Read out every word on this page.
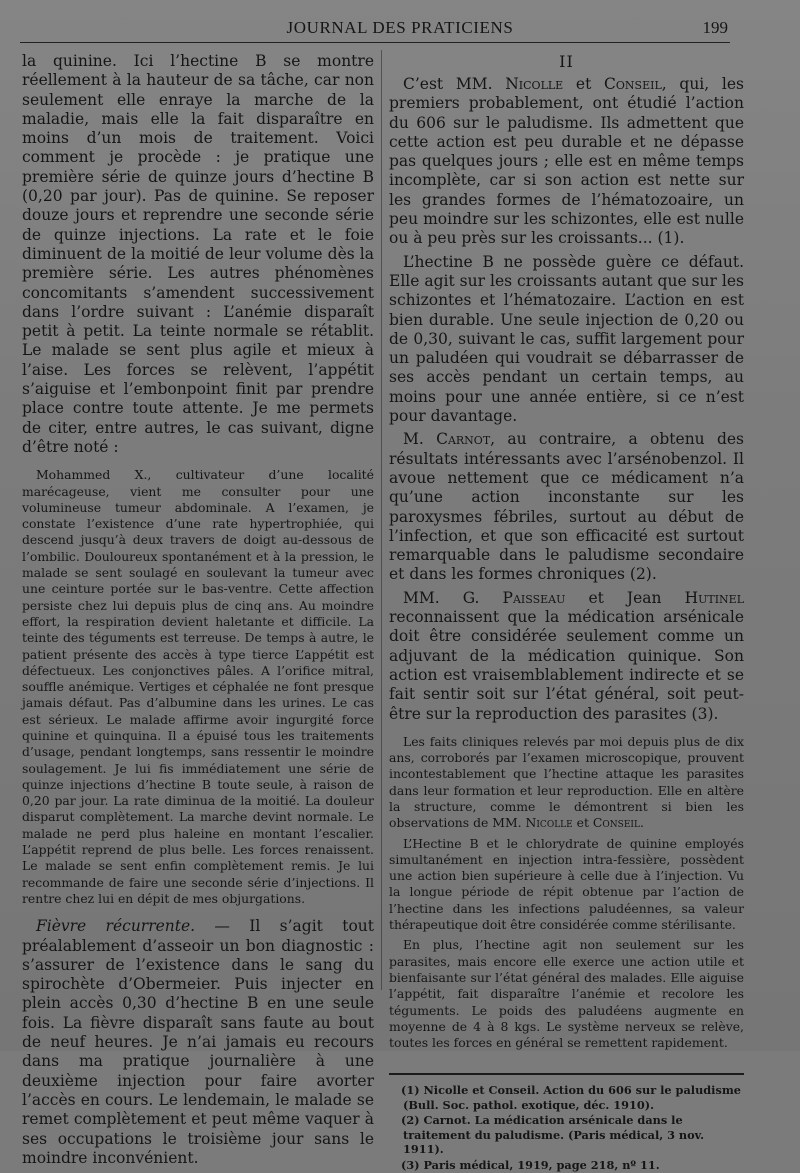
JOURNAL DES PRATICIENS	199

la quinine. Ici l’hectine B se montre réellement à la hauteur de sa tâche, car non seulement elle enraye la marche de la maladie, mais elle la fait disparaître en moins d’un mois de traitement. Voici comment je procède : je pratique une première série de quinze jours d’hectine B (0,20 par jour). Pas de quinine. Se reposer douze jours et reprendre une seconde série de quinze injections. La rate et le foie diminuent de la moitié de leur volume dès la première série. Les autres phénomènes concomitants s’amendent successivement dans l’ordre suivant : L’anémie disparaît petit à petit. La teinte normale se rétablit. Le malade se sent plus agile et mieux à l’aise. Les forces se relèvent, l’appétit s’aiguise et l’embonpoint finit par prendre place contre toute attente. Je me permets de citer, entre autres, le cas suivant, digne d’être noté :

Mohammed X., cultivateur d’une localité marécageuse, vient me consulter pour une volumineuse tumeur abdominale. A l’examen, je constate l’existence d’une rate hypertrophiée, qui descend jusqu’à deux travers de doigt au-dessous de l’ombilic. Douloureux spontanément et à la pression, le malade se sent soulagé en soulevant la tumeur avec une ceinture portée sur le bas-ventre. Cette affection persiste chez lui depuis plus de cinq ans. Au moindre effort, la respiration devient haletante et difficile. La teinte des téguments est terreuse. De temps à autre, le patient présente des accès à type tierce L’appétit est défectueux. Les conjonctives pâles. A l’orifice mitral, souffle anémique. Vertiges et céphalée ne font presque jamais défaut. Pas d’albumine dans les urines. Le cas est sérieux. Le malade affirme avoir ingurgité force quinine et quinquina. Il a épuisé tous les traitements d’usage, pendant longtemps, sans ressentir le moindre soulagement. Je lui fis immédiatement une série de quinze injections d’hectine B toute seule, à raison de 0,20 par jour. La rate diminua de la moitié. La douleur disparut complètement. La marche devint normale. Le malade ne perd plus haleine en montant l’escalier. L’appétit reprend de plus belle. Les forces renaissent. Le malade se sent enfin complètement remis. Je lui recommande de faire une seconde série d’injections. Il rentre chez lui en dépit de mes objurgations.

Fièvre récurrente. — Il s’agit tout préalablement d’asseoir un bon diagnostic : s’assurer de l’existence dans le sang du spirochète d’Obermeier. Puis injecter en plein accès 0,30 d’hectine B en une seule fois. La fièvre disparaît sans faute au bout de neuf heures. Je n’ai jamais eu recours dans ma pratique journalière à une deuxième injection pour faire avorter l’accès en cours. Le lendemain, le malade se remet complètement et peut même vaquer à ses occupations le troisième jour sans le moindre inconvénient.

II

C’est MM. Nicolle et Conseil, qui, les premiers probablement, ont étudié l’action du 606 sur le paludisme. Ils admettent que cette action est peu durable et ne dépasse pas quelques jours ; elle est en même temps incomplète, car si son action est nette sur les grandes formes de l’hématozoaire, un peu moindre sur les schizontes, elle est nulle ou à peu près sur les croissants... (1).

L’hectine B ne possède guère ce défaut. Elle agit sur les croissants autant que sur les schizontes et l’hématozaire. L’action en est bien durable. Une seule injection de 0,20 ou de 0,30, suivant le cas, suffit largement pour un paludéen qui voudrait se débarrasser de ses accès pendant un certain temps, au moins pour une année entière, si ce n’est pour davantage.

M. Carnot, au contraire, a obtenu des résultats intéressants avec l’arsénobenzol. Il avoue nettement que ce médicament n’a qu’une action inconstante sur les paroxysmes fébriles, surtout au début de l’infection, et que son efficacité est surtout remarquable dans le paludisme secondaire et dans les formes chroniques (2).

MM. G. Paisseau et Jean Hutinel reconnaissent que la médication arsénicale doit être considérée seulement comme un adjuvant de la médication quinique. Son action est vraisemblablement indirecte et se fait sentir soit sur l’état général, soit peut-être sur la reproduction des parasites (3).

Les faits cliniques relevés par moi depuis plus de dix ans, corroborés par l’examen microscopique, prouvent incontestablement que l’hectine attaque les parasites dans leur formation et leur reproduction. Elle en altère la structure, comme le démontrent si bien les observations de MM. Nicolle et Conseil.

L’Hectine B et le chlorydrate de quinine employés simultanément en injection intra-fessière, possèdent une action bien supérieure à celle due à l’injection. Vu la longue période de répit obtenue par l’action de l’hectine dans les infections paludéennes, sa valeur thérapeutique doit être considérée comme stérilisante.

En plus, l’hectine agit non seulement sur les parasites, mais encore elle exerce une action utile et bienfaisante sur l’état général des malades. Elle aiguise l’appétit, fait disparaître l’anémie et recolore les téguments. Le poids des paludéens augmente en moyenne de 4 à 8 kgs. Le système nerveux se relève, toutes les forces en général se remettent rapidement.

(1) Nicolle et Conseil. Action du 606 sur le paludisme (Bull. Soc. pathol. exotique, déc. 1910).

(2) Carnot. La médication arsénicale dans le traitement du paludisme. (Paris médical, 3 nov. 1911).

(3) Paris médical, 1919, page 218, nº 11.
